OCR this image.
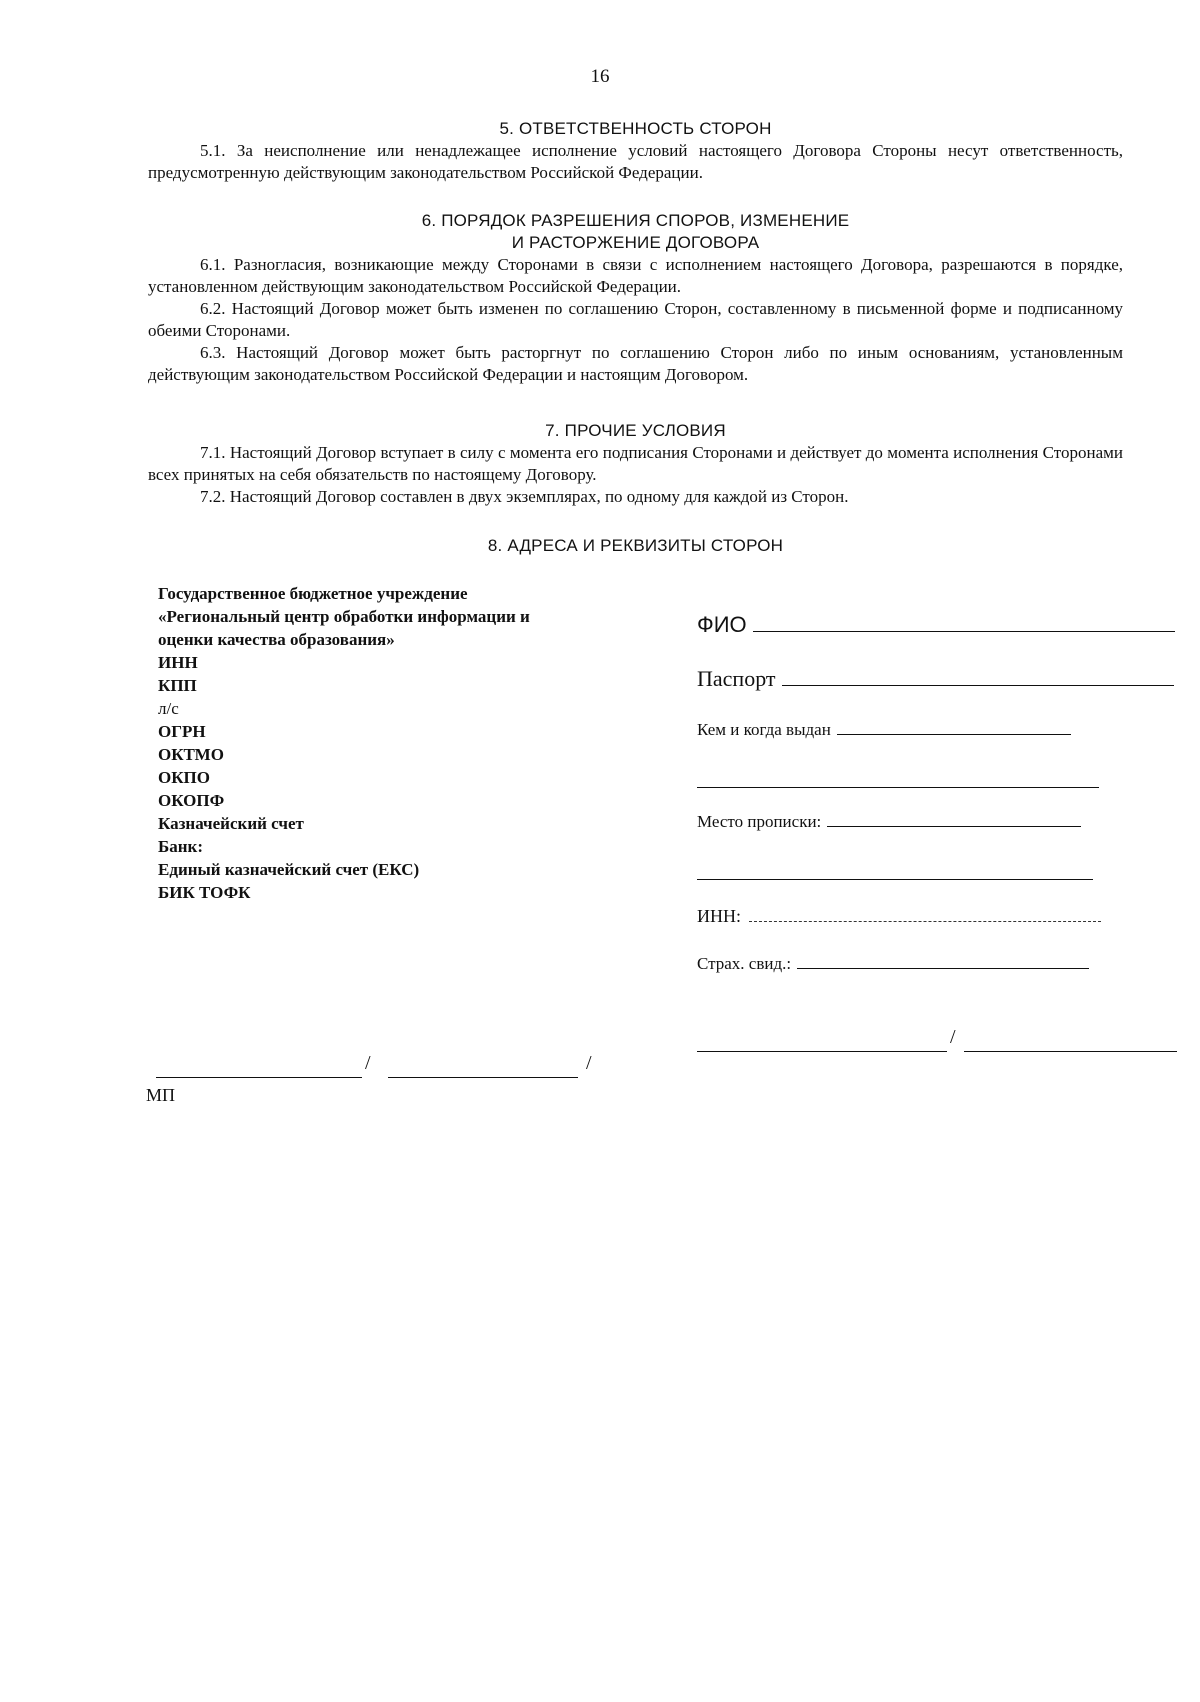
16
5. ОТВЕТСТВЕННОСТЬ СТОРОН

5.1. За неисполнение или ненадлежащее исполнение условий настоящего Договора Стороны несут ответственность, предусмотренную действующим законодательством Российской Федерации.

6. ПОРЯДОК РАЗРЕШЕНИЯ СПОРОВ, ИЗМЕНЕНИЕ
И РАСТОРЖЕНИЕ ДОГОВОРА

6.1. Разногласия, возникающие между Сторонами в связи с исполнением настоящего Договора, разрешаются в порядке, установленном действующим законодательством Российской Федерации.

6.2. Настоящий Договор может быть изменен по соглашению Сторон, составленному в письменной форме и подписанному обеими Сторонами.

6.3. Настоящий Договор может быть расторгнут по соглашению Сторон либо по иным основаниям, установленным действующим законодательством Российской Федерации и настоящим Договором.

7. ПРОЧИЕ УСЛОВИЯ

7.1. Настоящий Договор вступает в силу с момента его подписания Сторонами и действует до момента исполнения Сторонами всех принятых на себя обязательств по настоящему Договору.

7.2. Настоящий Договор составлен в двух экземплярах, по одному для каждой из Сторон.

8. АДРЕСА И РЕКВИЗИТЫ СТОРОН
Государственное бюджетное учреждение
«Региональный центр обработки информации и
оценки качества образования»
ИНН
КПП
л/с
ОГРН
ОКТМО
ОКПО
ОКОПФ
Казначейский счет
Банк:
Единый казначейский счет (ЕКС)
БИК ТОФК
ФИО
Паспорт
Кем и когда выдан
Место прописки:
ИНН:
Страх. свид.:
/
/	/
МП
